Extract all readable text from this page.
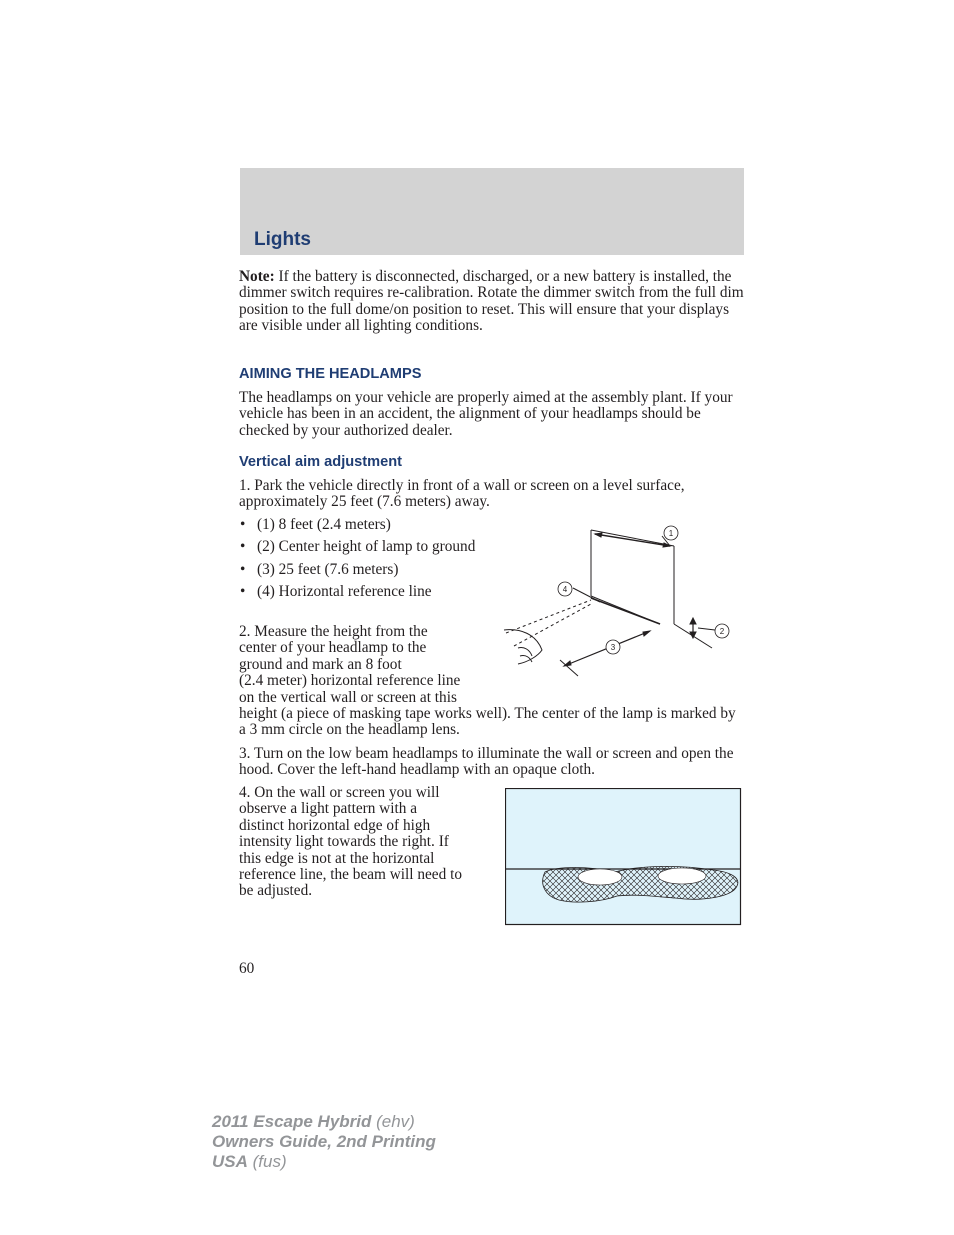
Lights
Note: If the battery is disconnected, discharged, or a new battery is installed, the dimmer switch requires re-calibration. Rotate the dimmer switch from the full dim position to the full dome/on position to reset. This will ensure that your displays are visible under all lighting conditions.
AIMING THE HEADLAMPS
The headlamps on your vehicle are properly aimed at the assembly plant. If your vehicle has been in an accident, the alignment of your headlamps should be checked by your authorized dealer.
Vertical aim adjustment
1. Park the vehicle directly in front of a wall or screen on a level surface, approximately 25 feet (7.6 meters) away.
• (1) 8 feet (2.4 meters)
• (2) Center height of lamp to ground
• (3) 25 feet (7.6 meters)
• (4) Horizontal reference line
2. Measure the height from the
center of your headlamp to the
ground and mark an 8 foot
(2.4 meter) horizontal reference line
on the vertical wall or screen at this
height (a piece of masking tape works well). The center of the lamp is marked by a 3 mm circle on the headlamp lens.
1
2
3
4
3. Turn on the low beam headlamps to illuminate the wall or screen and open the hood. Cover the left-hand headlamp with an opaque cloth.
4. On the wall or screen you will
observe a light pattern with a
distinct horizontal edge of high
intensity light towards the right. If
this edge is not at the horizontal
reference line, the beam will need to
be adjusted.
60
2011 Escape Hybrid (ehv)
Owners Guide, 2nd Printing
USA (fus)
